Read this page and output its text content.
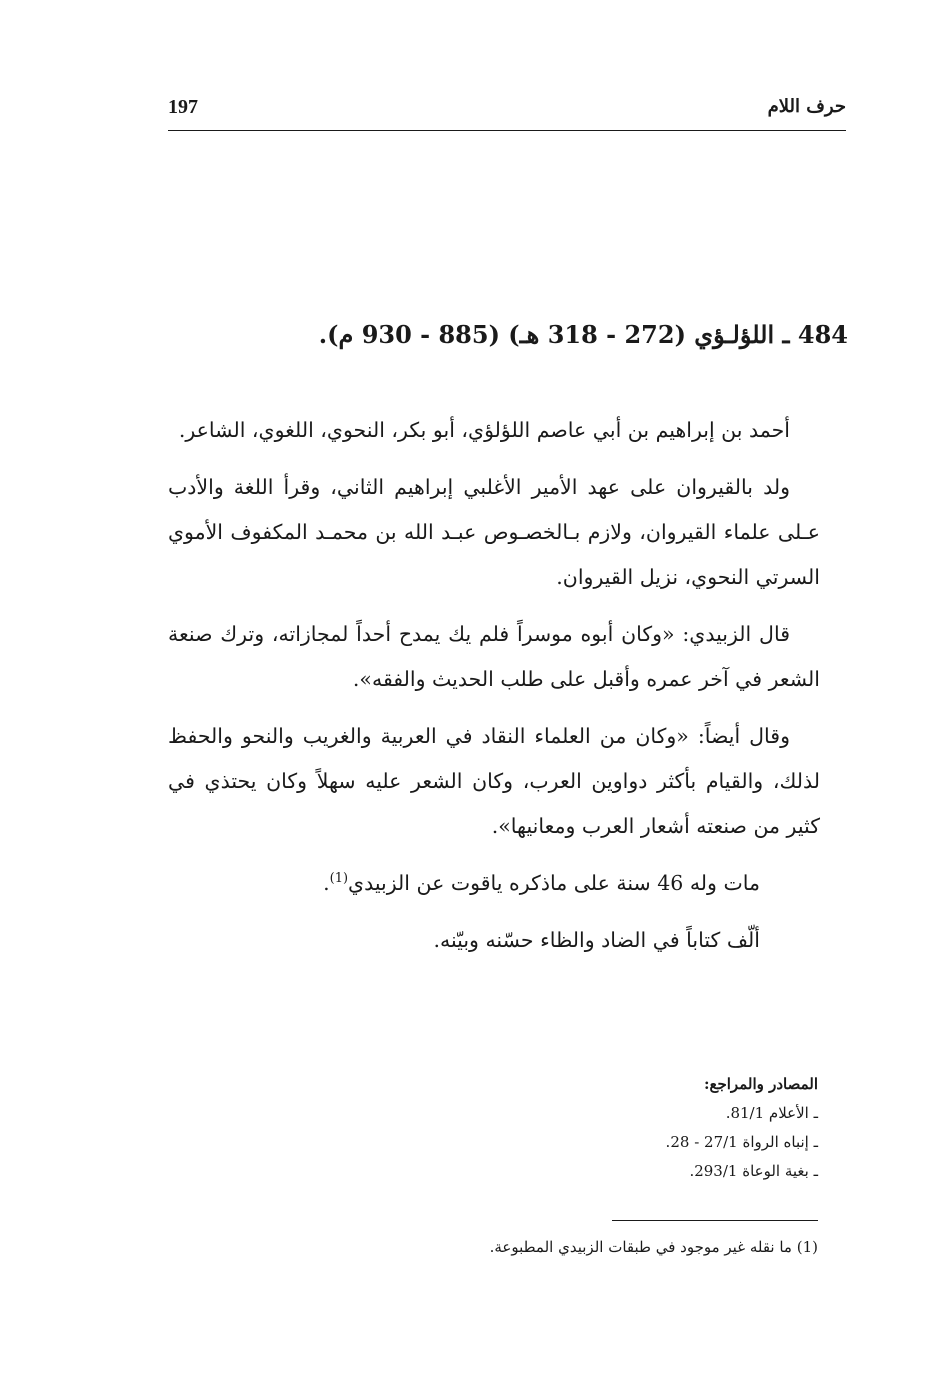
197	حرف اللام
484 ـ اللؤلـؤي (272 - 318 هـ) (885 - 930 م).

أحمد بن إبراهيم بن أبي عاصم اللؤلؤي، أبو بكر، النحوي، اللغوي، الشاعر.

ولد بالقيروان على عهد الأمير الأغلبي إبراهيم الثاني، وقرأ اللغة والأدب عـلى علماء القيروان، ولازم بـالخصـوص عبـد الله بن محمـد المكفوف الأموي السرتي النحوي، نزيل القيروان.

قال الزبيدي: «وكان أبوه موسراً فلم يك يمدح أحداً لمجازاته، وترك صنعة الشعر في آخر عمره وأقبل على طلب الحديث والفقه».

وقال أيضاً: «وكان من العلماء النقاد في العربية والغريب والنحو والحفظ لذلك، والقيام بأكثر دواوين العرب، وكان الشعر عليه سهلاً وكان يحتذي في كثير من صنعته أشعار العرب ومعانيها».

مات وله 46 سنة على ماذكره ياقوت عن الزبيدي$^{(1)}$.

ألّف كتاباً في الضاد والظاء حسّنه وبيّنه.

المصادر والمراجع:
ـ الأعلام 81/1.
ـ إنباه الرواة 27/1 - 28.
ـ بغية الوعاة 293/1.
(1) ما نقله غير موجود في طبقات الزبيدي المطبوعة.
